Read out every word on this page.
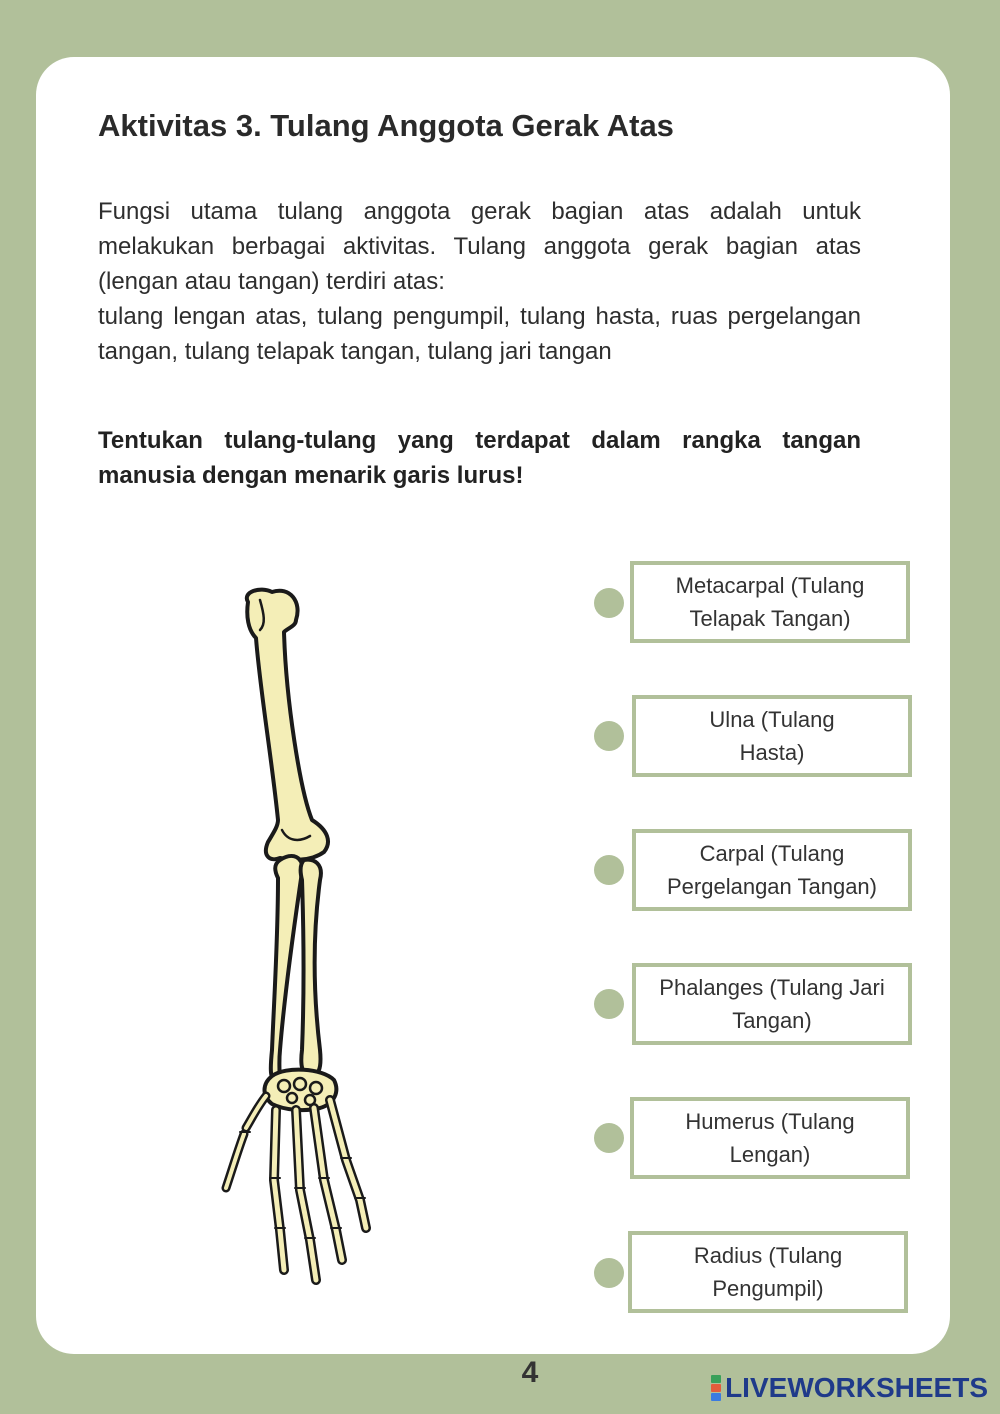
Aktivitas 3. Tulang Anggota Gerak Atas

Fungsi utama tulang anggota gerak bagian atas adalah untuk melakukan berbagai aktivitas. Tulang anggota gerak bagian atas (lengan atau tangan) terdiri atas:

tulang lengan atas, tulang pengumpil, tulang hasta, ruas pergelangan tangan, tulang telapak tangan, tulang jari tangan

Tentukan tulang-tulang yang terdapat dalam rangka tangan manusia dengan menarik garis lurus!
Metacarpal (Tulang Telapak Tangan)
Ulna (Tulang Hasta)
Carpal (Tulang Pergelangan Tangan)
Phalanges (Tulang Jari Tangan)
Humerus (Tulang Lengan)
Radius (Tulang Pengumpil)
4	LIVEWORKSHEETS
